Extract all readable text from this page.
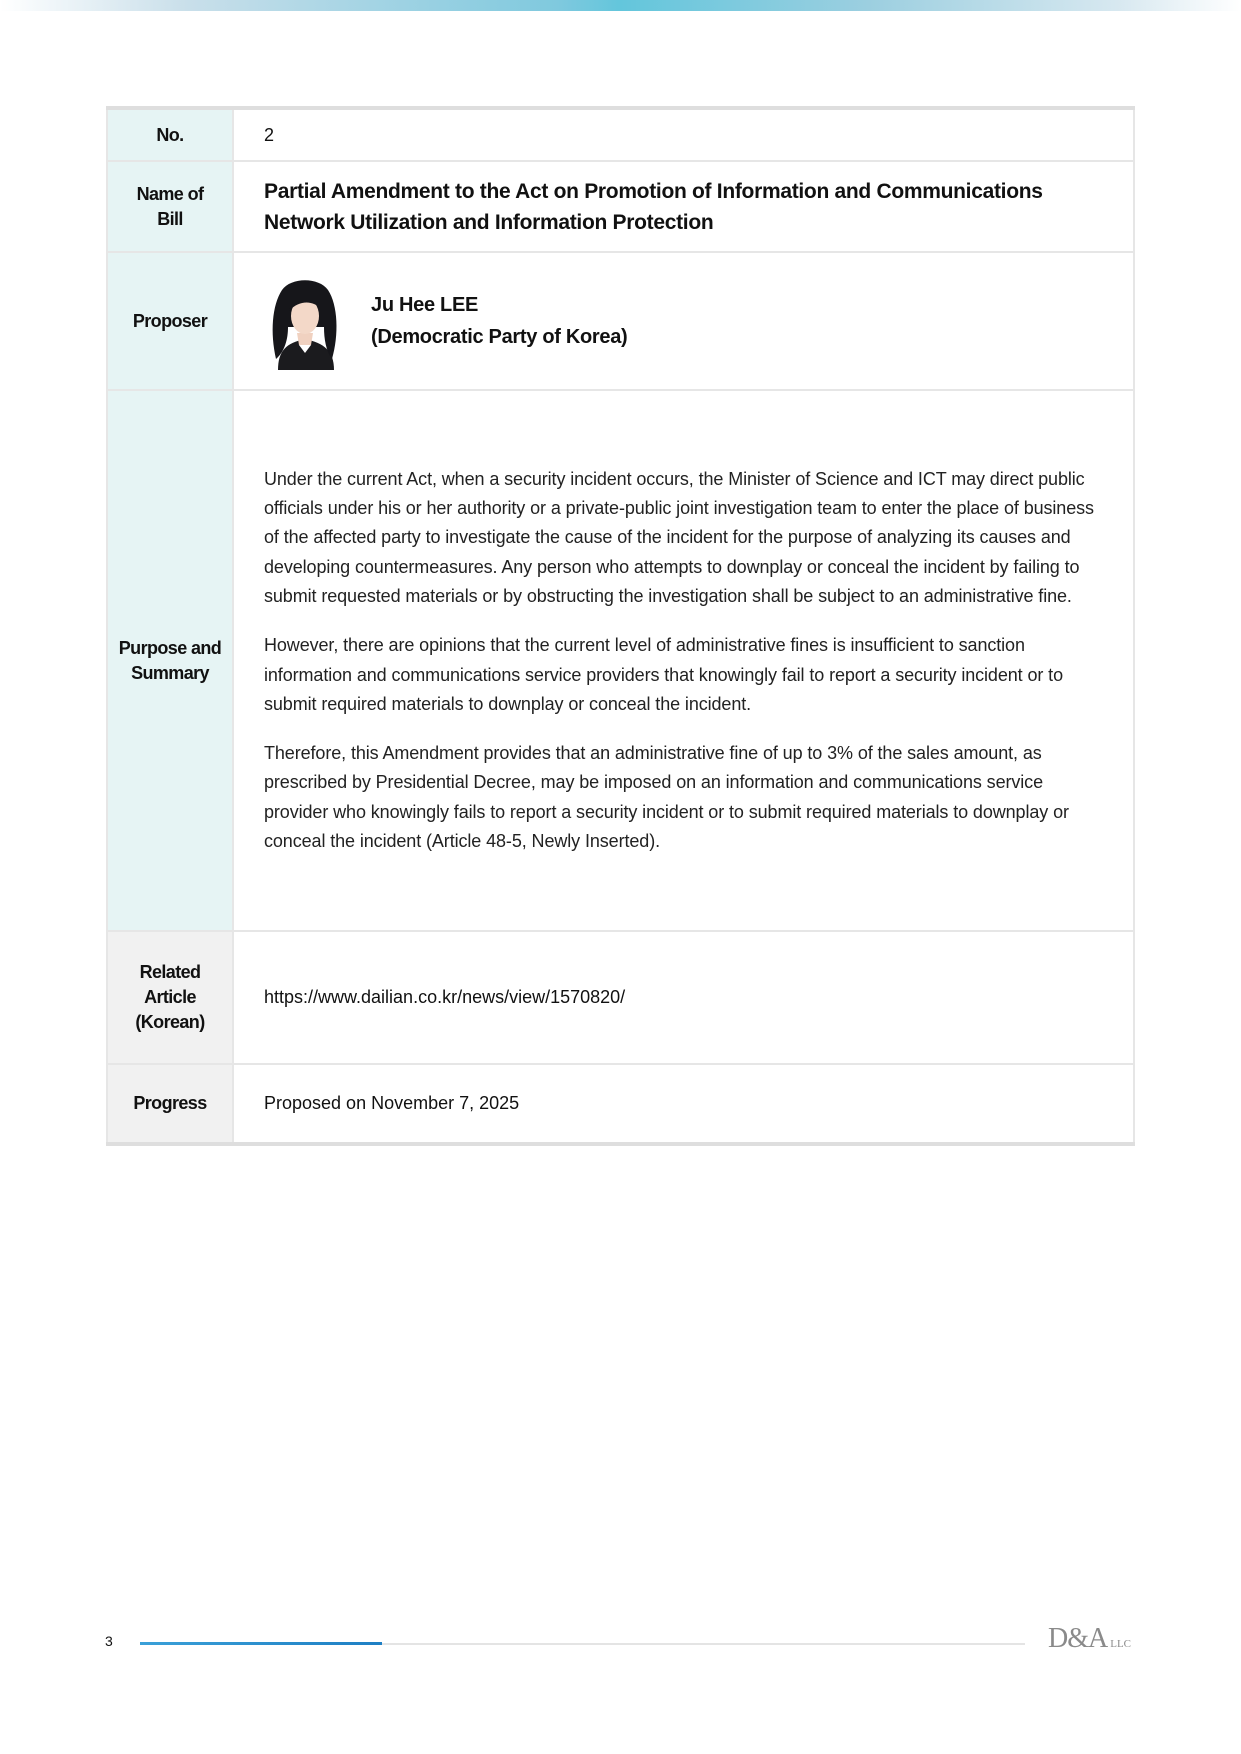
No.	2

Name of Bill	Partial Amendment to the Act on Promotion of Information and Communications Network Utilization and Information Protection

Proposer	Ju Hee LEE
(Democratic Party of Korea)

Purpose and Summary	Under the current Act, when a security incident occurs, the Minister of Science and ICT may direct public officials under his or her authority or a private-public joint investigation team to enter the place of business of the affected party to investigate the cause of the incident for the purpose of analyzing its causes and developing countermeasures. Any person who attempts to downplay or conceal the incident by failing to submit requested materials or by obstructing the investigation shall be subject to an administrative fine.

However, there are opinions that the current level of administrative fines is insufficient to sanction information and communications service providers that knowingly fail to report a security incident or to submit required materials to downplay or conceal the incident.

Therefore, this Amendment provides that an administrative fine of up to 3% of the sales amount, as prescribed by Presidential Decree, may be imposed on an information and communications service provider who knowingly fails to report a security incident or to submit required materials to downplay or conceal the incident (Article 48-5, Newly Inserted).

Related Article (Korean)	https://www.dailian.co.kr/news/view/1570820/
Progress	Proposed on November 7, 2025
3	D&A LLC
